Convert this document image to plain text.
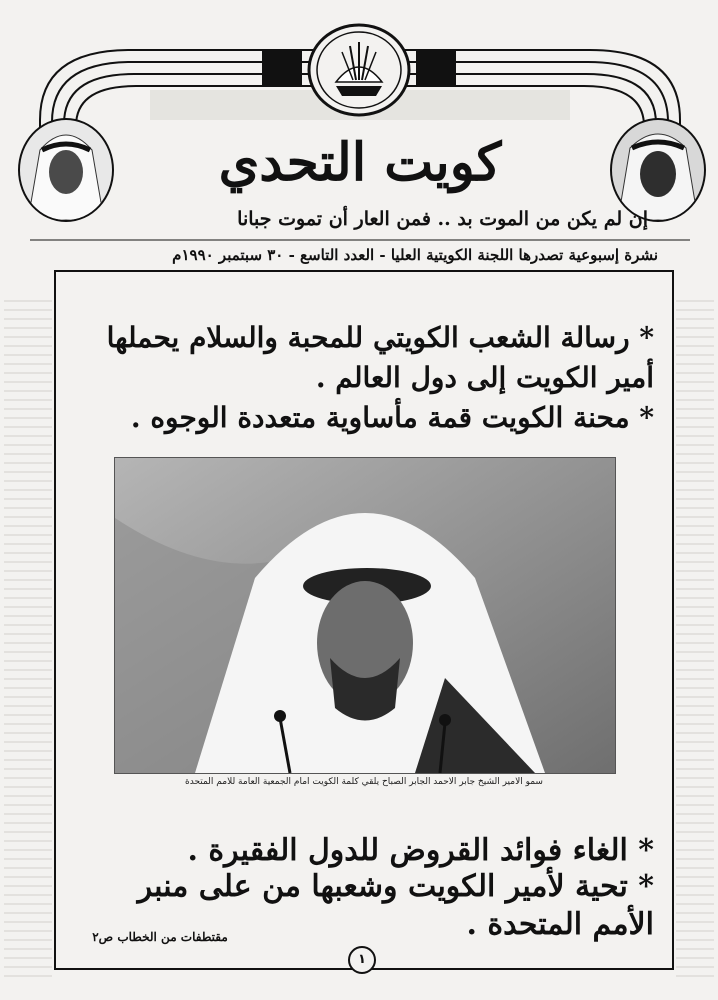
كويت التحدي
إن لم يكن من الموت بد .. فمن العار أن تموت جبانا
نشرة إسبوعية تصدرها اللجنة الكويتية العليا - العدد التاسع - ٣٠ سبتمبر ١٩٩٠م
* رسالة الشعب الكويتي للمحبة والسلام يحملها
أمير الكويت إلى دول العالم .
* محنة الكويت قمة مأساوية متعددة الوجوه .
سمو الامير الشيخ جابر الاحمد الجابر الصباح يلقي كلمة الكويت امام الجمعية العامة للامم المتحدة
* الغاء فوائد القروض للدول الفقيرة .
* تحية لأمير الكويت وشعبها من على منبر
الأمم المتحدة .
مقتطفات من الخطاب ص٢
١
